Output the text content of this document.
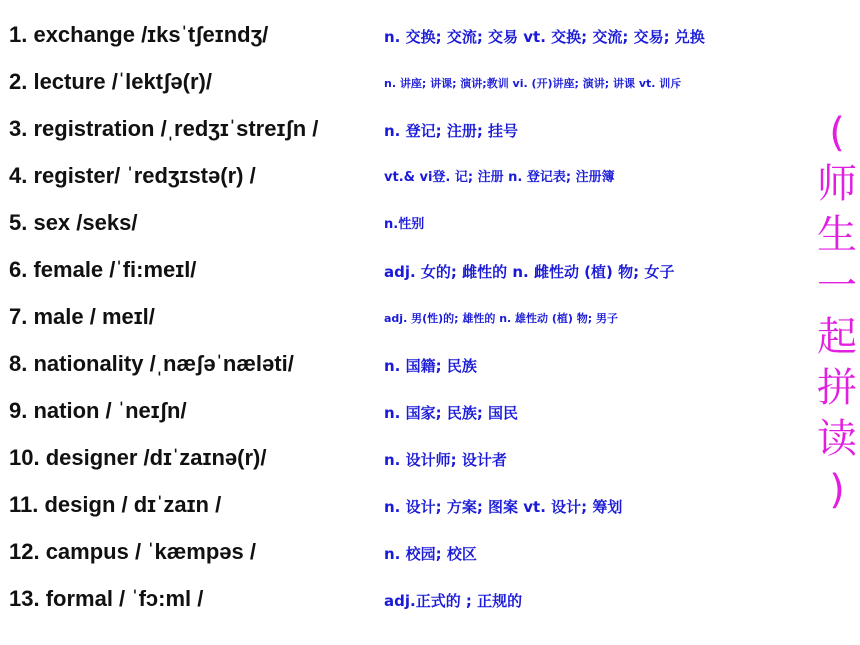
1. exchange /ɪksˈtʃeɪndʒ/	n. 交换; 交流; 交易 vt. 交换; 交流; 交易; 兑换
2. lecture /ˈlektʃə(r)/	n. 讲座; 讲课; 演讲;教训 vi. (开)讲座; 演讲; 讲课 vt. 训斥
3. registration /ˌredʒɪˈstreɪʃn /	n. 登记; 注册; 挂号
4. register/ ˈredʒɪstə(r) /	vt.& vi登. 记; 注册 n. 登记表; 注册簿
5. sex /seks/	n.性别
6. female /ˈfi:meɪl/	adj. 女的; 雌性的 n. 雌性动 (植) 物; 女子
7. male / meɪl/	adj. 男(性)的; 雄性的 n. 雄性动 (植) 物; 男子
8. nationality /ˌnæʃəˈnæləti/	n. 国籍; 民族
9. nation / ˈneɪʃn/	n. 国家; 民族; 国民
10. designer /dɪˈzaɪnə(r)/	n. 设计师; 设计者
11. design / dɪˈzaɪn /	n. 设计; 方案; 图案 vt. 设计; 筹划
12. campus / ˈkæmpəs /	n. 校园; 校区
13. formal / ˈfɔ:ml /	adj.正式的 ; 正规的
(
师
生
一
起
拼
读
)
